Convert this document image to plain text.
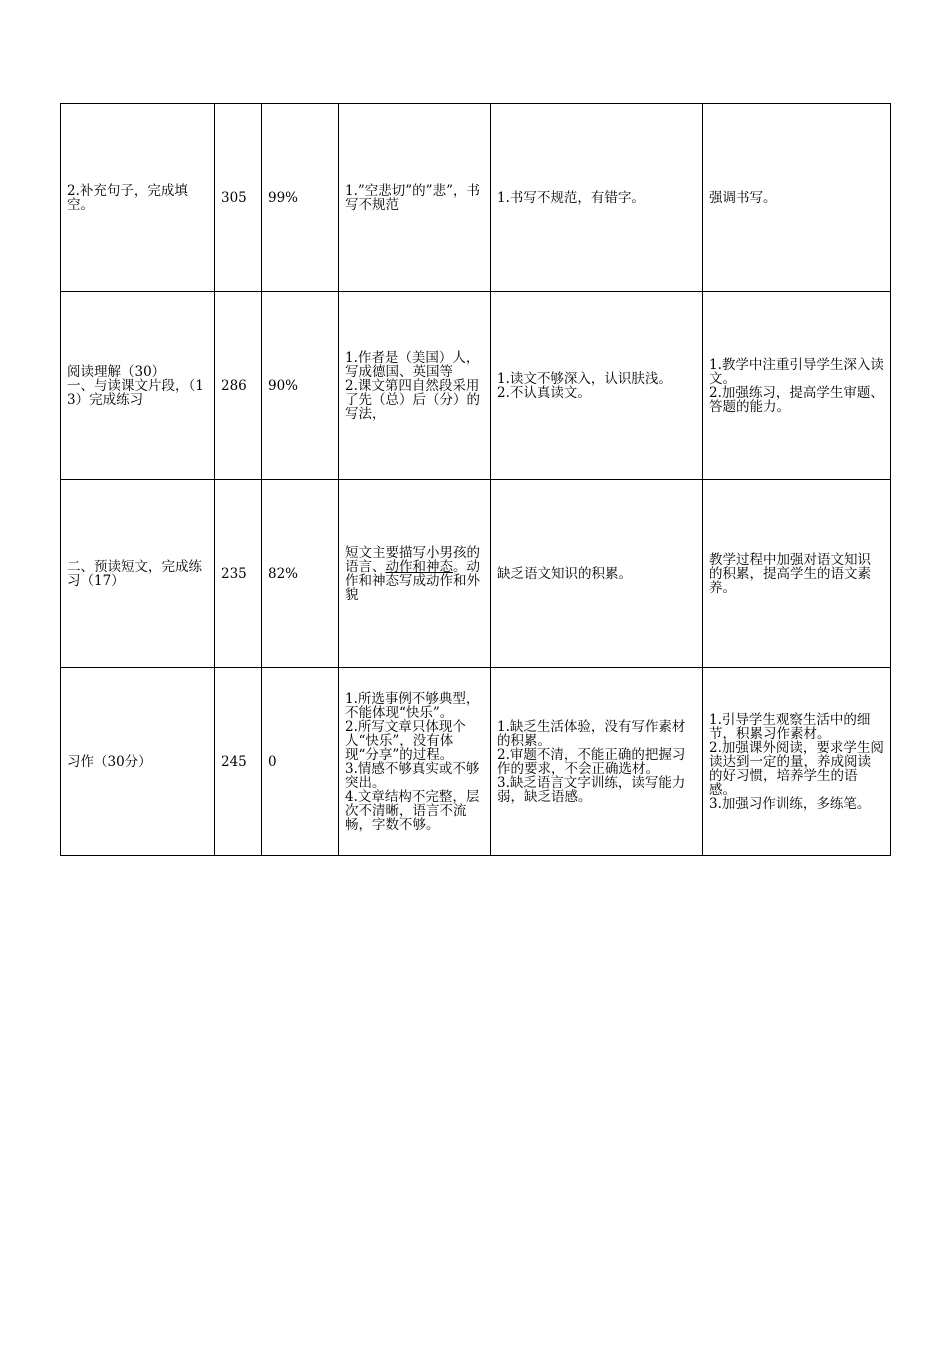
2.补充句子，完成填空。	305	99%	1.”空悲切”的”悲”，书写不规范	1.书写不规范，有错字。	强调书写。

阅读理解（30）
一、与读课文片段，（13）完成练习	286	90%	1.作者是（美国）人，写成德国、英国等
2.课文第四自然段采用了先（总）后（分）的写法，	1.读文不够深入，认识肤浅。
2.不认真读文。	1.教学中注重引导学生深入读文。
2.加强练习，提高学生审题、答题的能力。

二、预读短文，完成练习（17）	235	82%	短文主要描写小男孩的语言、动作和神态。动作和神态写成动作和外貌	缺乏语文知识的积累。	教学过程中加强对语文知识的积累，提高学生的语文素养。

习作（30分）	245	0	1.所选事例不够典型，不能体现“快乐”。
2.所写文章只体现个人“快乐”，没有体现“分享”的过程。
3.情感不够真实或不够突出。
4.文章结构不完整，层次不清晰，语言不流畅，字数不够。	1.缺乏生活体验，没有写作素材的积累。
2.审题不清，不能正确的把握习作的要求，不会正确选材。
3.缺乏语言文字训练，读写能力弱，缺乏语感。	1.引导学生观察生活中的细节，积累习作素材。
2.加强课外阅读，要求学生阅读达到一定的量，养成阅读的好习惯，培养学生的语感。
3.加强习作训练，多练笔。
